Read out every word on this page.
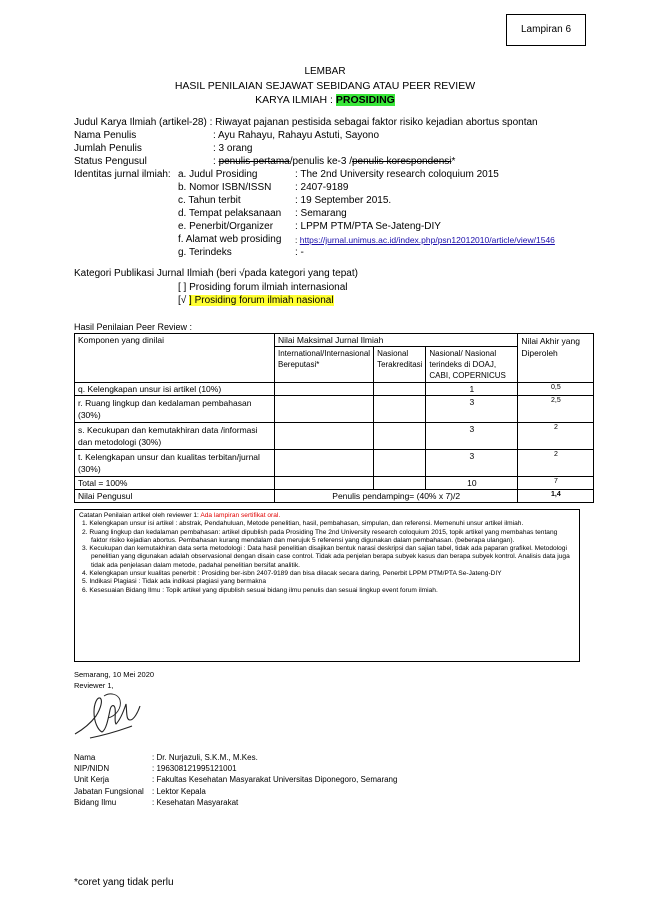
Lampiran 6
LEMBAR
HASIL PENILAIAN SEJAWAT SEBIDANG ATAU PEER REVIEW
KARYA ILMIAH : PROSIDING
Judul Karya Ilmiah (artikel-28) : Riwayat pajanan pestisida sebagai faktor risiko kejadian abortus spontan
Nama Penulis	: Ayu Rahayu, Rahayu Astuti, Sayono
Jumlah Penulis	: 3 orang
Status Pengusul	: penulis pertama/penulis ke-3 /penulis korespondensi*
Identitas jurnal ilmiah: a. Judul Prosiding	: The 2nd University research coloquium 2015
b. Nomor ISBN/ISSN : 2407-9189
c. Tahun terbit	: 19 September 2015.
d. Tempat pelaksanaan : Semarang
e. Penerbit/Organizer : LPPM PTM/PTA Se-Jateng-DIY
f. Alamat web prosiding : https://jurnal.unimus.ac.id/index.php/psn12012010/article/view/1546
g. Terindeks	: -
Kategori Publikasi Jurnal Ilmiah (beri √pada kategori yang tepat)
[ ] Prosiding forum ilmiah internasional
[√ ] Prosiding forum ilmiah nasional
Hasil Penilaian Peer Review :
Komponen yang dinilai	Nilai Maksimal Jurnal Ilmiah			Nilai Akhir yang Diperoleh
	International/Internasional Bereputasi*	Nasional Terakreditasi	Nasional/ Nasional terindeks di DOAJ, CABI, COPERNICUS	
q. Kelengkapan unsur isi artikel (10%)			1	0,5
r. Ruang lingkup dan kedalaman pembahasan (30%)			3	2,5
s. Kecukupan dan kemutakhiran data /informasi dan metodologi (30%)			3	2
t. Kelengkapan unsur dan kualitas terbitan/jurnal (30%)			3	2
Total = 100%			10	7
Nilai Pengusul	Penulis pendamping= (40% x 7)/2			1,4
Catatan Penilaian artikel oleh reviewer 1: Ada lampiran sertifikat oral.
1. Kelengkapan unsur isi artikel : abstrak, Pendahuluan, Metode penelitian, hasil, pembahasan, simpulan, dan referensi. Memenuhi unsur artikel ilmiah.
2. Ruang lingkup dan kedalaman pembahasan: artikel dipublish pada Prosiding The 2nd University research coloquium 2015, topik artikel yang membahas tentang faktor risiko kejadian abortus. Pembahasan kurang mendalam dan merujuk 5 referensi yang digunakan dalam pembahasan. (beberapa ulangan).
3. Kecukupan dan kemutakhiran data serta metodologi : Data hasil penelitian disajikan bentuk narasi deskripsi dan sajian tabel, tidak ada paparan grafikel. Metodologi penelitian yang digunakan adalah observasional dengan disain case control. Tidak ada penjelan berapa subyek kasus dan berapa subyek kontrol. Analisis data juga tidak ada penjelasan dalam metode, padahal penelitian bersifat analitik.
4. Kelengkapan unsur kualitas penerbit : Prosiding ber-isbn 2407-9189 dan bisa dilacak secara daring, Penerbit LPPM PTM/PTA Se-Jateng-DIY
5. Indikasi Plagiasi : Tidak ada indikasi plagiasi yang bermakna
6. Kesesuaian Bidang Ilmu : Topik artikel yang dipublish sesuai bidang ilmu penulis dan sesuai lingkup event forum ilmiah.
Semarang, 10 Mei 2020
Reviewer 1,
Nama	: Dr. Nurjazuli, S.K.M., M.Kes.
NIP/NIDN	: 196308121995121001
Unit Kerja	: Fakultas Kesehatan Masyarakat Universitas Diponegoro, Semarang
Jabatan Fungsional : Lektor Kepala
Bidang Ilmu	: Kesehatan Masyarakat
*coret yang tidak perlu
